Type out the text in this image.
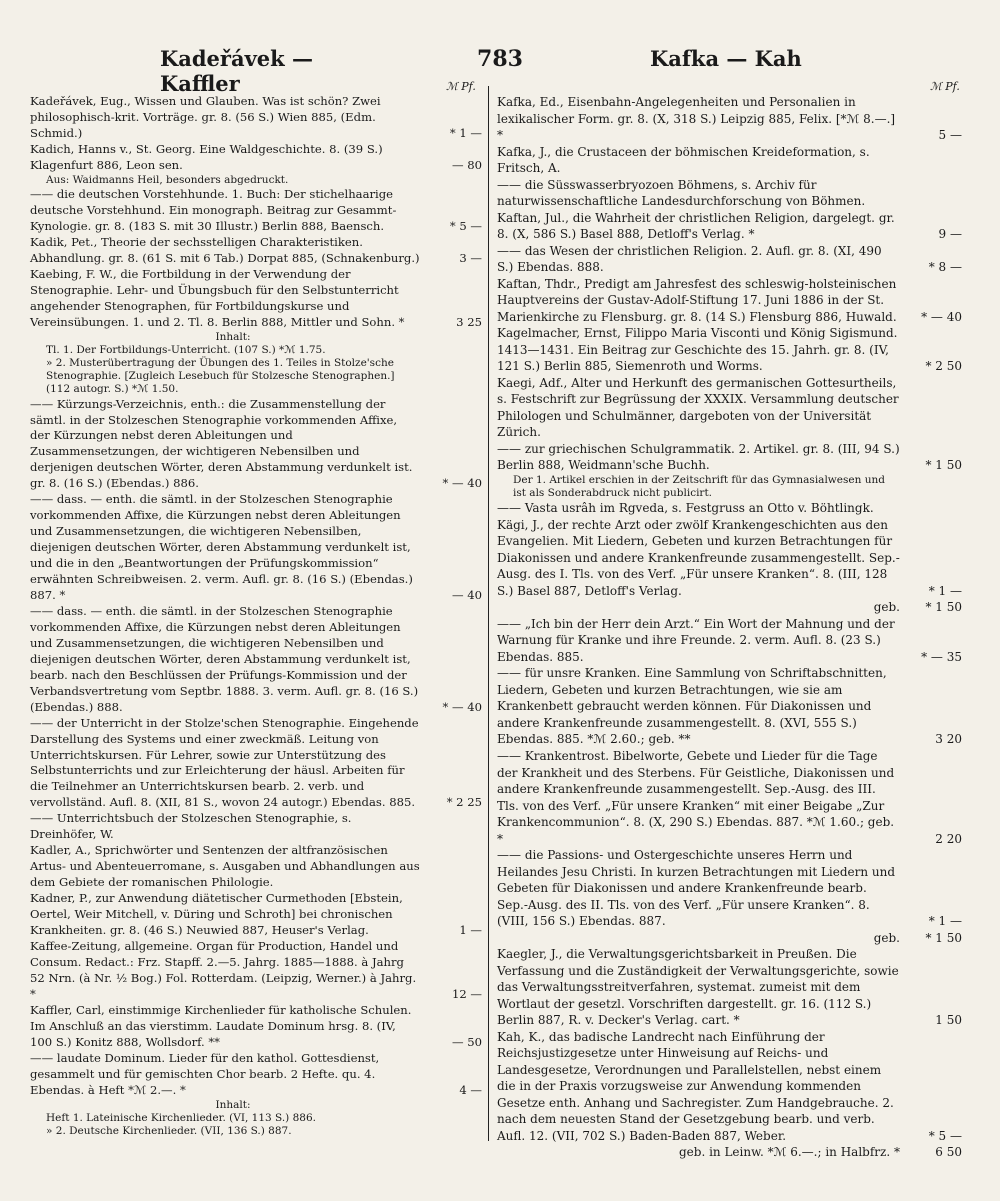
Kadeřávek — Kaffler
783	Kafka — Kah
ℳ Pf.	ℳ Pf.
Kadeřávek, Eug., Wissen und Glauben. Was ist schön? Zwei philosophisch-krit. Vorträge. gr. 8. (56 S.) Wien 885, (Edm. Schmid.)	* 1 —
Kadich, Hanns v., St. Georg. Eine Waldgeschichte. 8. (39 S.) Klagenfurt 886, Leon sen.	— 80
Aus: Waidmanns Heil, besonders abgedruckt.
—— die deutschen Vorstehhunde. 1. Buch: Der stichelhaarige deutsche Vorstehhund. Ein monograph. Beitrag zur Gesammt-Kynologie. gr. 8. (183 S. mit 30 Illustr.) Berlin 888, Baensch.	* 5 —
Kadik, Pet., Theorie der sechsstelligen Charakteristiken. Abhandlung. gr. 8. (61 S. mit 6 Tab.) Dorpat 885, (Schnakenburg.)	3 —
Kaebing, F. W., die Fortbildung in der Verwendung der Stenographie. Lehr- und Übungsbuch für den Selbstunterricht angehender Stenographen, für Fortbildungskurse und Vereinsübungen. 1. und 2. Tl. 8. Berlin 888, Mittler und Sohn. *	3 25
Inhalt:
Tl. 1. Der Fortbildungs-Unterricht. (107 S.) *ℳ 1.75.
» 2. Musterübertragung der Übungen des 1. Teiles in Stolze'sche Stenographie. [Zugleich Lesebuch für Stolzesche Stenographen.] (112 autogr. S.) *ℳ 1.50.
—— Kürzungs-Verzeichnis, enth.: die Zusammenstellung der sämtl. in der Stolzeschen Stenographie vorkommenden Affixe, der Kürzungen nebst deren Ableitungen und Zusammensetzungen, der wichtigeren Nebensilben und derjenigen deutschen Wörter, deren Abstammung verdunkelt ist. gr. 8. (16 S.) (Ebendas.) 886.	* — 40
—— dass. — enth. die sämtl. in der Stolzeschen Stenographie vorkommenden Affixe, die Kürzungen nebst deren Ableitungen und Zusammensetzungen, die wichtigeren Nebensilben, diejenigen deutschen Wörter, deren Abstammung verdunkelt ist, und die in den „Beantwortungen der Prüfungskommission“ erwähnten Schreibweisen. 2. verm. Aufl. gr. 8. (16 S.) (Ebendas.) 887. *	— 40
—— dass. — enth. die sämtl. in der Stolzeschen Stenographie vorkommenden Affixe, die Kürzungen nebst deren Ableitungen und Zusammensetzungen, die wichtigeren Nebensilben und diejenigen deutschen Wörter, deren Abstammung verdunkelt ist, bearb. nach den Beschlüssen der Prüfungs-Kommission und der Verbandsvertretung vom Septbr. 1888. 3. verm. Aufl. gr. 8. (16 S.) (Ebendas.) 888.	* — 40
—— der Unterricht in der Stolze'schen Stenographie. Eingehende Darstellung des Systems und einer zweckmäß. Leitung von Unterrichtskursen. Für Lehrer, sowie zur Unterstützung des Selbstunterrichts und zur Erleichterung der häusl. Arbeiten für die Teilnehmer an Unterrichtskursen bearb. 2. verb. und vervollständ. Aufl. 8. (XII, 81 S., wovon 24 autogr.) Ebendas. 885.	* 2 25
—— Unterrichtsbuch der Stolzeschen Stenographie, s. Dreinhöfer, W.
Kadler, A., Sprichwörter und Sentenzen der altfranzösischen Artus- und Abenteuerromane, s. Ausgaben und Abhandlungen aus dem Gebiete der romanischen Philologie.
Kadner, P., zur Anwendung diätetischer Curmethoden [Ebstein, Oertel, Weir Mitchell, v. Düring und Schroth] bei chronischen Krankheiten. gr. 8. (46 S.) Neuwied 887, Heuser's Verlag.	1 —
Kaffee-Zeitung, allgemeine. Organ für Production, Handel und Consum. Redact.: Frz. Stapff. 2.—5. Jahrg. 1885—1888. à Jahrg 52 Nrn. (à Nr. ½ Bog.) Fol. Rotterdam. (Leipzig, Werner.) à Jahrg. *	12 —
Kaffler, Carl, einstimmige Kirchenlieder für katholische Schulen. Im Anschluß an das vierstimm. Laudate Dominum hrsg. 8. (IV, 100 S.) Konitz 888, Wollsdorf. **	— 50
—— laudate Dominum. Lieder für den kathol. Gottesdienst, gesammelt und für gemischten Chor bearb. 2 Hefte. qu. 4. Ebendas. à Heft *ℳ 2.—. *	4 —
Inhalt:
Heft 1. Lateinische Kirchenlieder. (VI, 113 S.) 886.
» 2. Deutsche Kirchenlieder. (VII, 136 S.) 887.
Kafka, Ed., Eisenbahn-Angelegenheiten und Personalien in lexikalischer Form. gr. 8. (X, 318 S.) Leipzig 885, Felix. [*ℳ 8.—.] *	5 —
Kafka, J., die Crustaceen der böhmischen Kreideformation, s. Fritsch, A.
—— die Süsswasserbryozoen Böhmens, s. Archiv für naturwissenschaftliche Landesdurchforschung von Böhmen.
Kaftan, Jul., die Wahrheit der christlichen Religion, dargelegt. gr. 8. (X, 586 S.) Basel 888, Detloff's Verlag. *	9 —
—— das Wesen der christlichen Religion. 2. Aufl. gr. 8. (XI, 490 S.) Ebendas. 888.	* 8 —
Kaftan, Thdr., Predigt am Jahresfest des schleswig-holsteinischen Hauptvereins der Gustav-Adolf-Stiftung 17. Juni 1886 in der St. Marienkirche zu Flensburg. gr. 8. (14 S.) Flensburg 886, Huwald.	* — 40
Kagelmacher, Ernst, Filippo Maria Visconti und König Sigismund. 1413—1431. Ein Beitrag zur Geschichte des 15. Jahrh. gr. 8. (IV, 121 S.) Berlin 885, Siemenroth und Worms.	* 2 50
Kaegi, Adf., Alter und Herkunft des germanischen Gottesurtheils, s. Festschrift zur Begrüssung der XXXIX. Versammlung deutscher Philologen und Schulmänner, dargeboten von der Universität Zürich.
—— zur griechischen Schulgrammatik. 2. Artikel. gr. 8. (III, 94 S.) Berlin 888, Weidmann'sche Buchh.	* 1 50
Der 1. Artikel erschien in der Zeitschrift für das Gymnasialwesen und ist als Sonderabdruck nicht publicirt.
—— Vasta usrâh im Rgveda, s. Festgruss an Otto v. Böhtlingk.
Kägi, J., der rechte Arzt oder zwölf Krankengeschichten aus den Evangelien. Mit Liedern, Gebeten und kurzen Betrachtungen für Diakonissen und andere Krankenfreunde zusammengestellt. Sep.-Ausg. des I. Tls. von des Verf. „Für unsere Kranken“. 8. (III, 128 S.) Basel 887, Detloff's Verlag.	* 1 —
geb.	* 1 50
—— „Ich bin der Herr dein Arzt.“ Ein Wort der Mahnung und der Warnung für Kranke und ihre Freunde. 2. verm. Aufl. 8. (23 S.) Ebendas. 885.	* — 35
—— für unsre Kranken. Eine Sammlung von Schriftabschnitten, Liedern, Gebeten und kurzen Betrachtungen, wie sie am Krankenbett gebraucht werden können. Für Diakonissen und andere Krankenfreunde zusammengestellt. 8. (XVI, 555 S.) Ebendas. 885. *ℳ 2.60.; geb. **	3 20
—— Krankentrost. Bibelworte, Gebete und Lieder für die Tage der Krankheit und des Sterbens. Für Geistliche, Diakonissen und andere Krankenfreunde zusammengestellt. Sep.-Ausg. des III. Tls. von des Verf. „Für unsere Kranken“ mit einer Beigabe „Zur Krankencommunion“. 8. (X, 290 S.) Ebendas. 887. *ℳ 1.60.; geb. *	2 20
—— die Passions- und Ostergeschichte unseres Herrn und Heilandes Jesu Christi. In kurzen Betrachtungen mit Liedern und Gebeten für Diakonissen und andere Krankenfreunde bearb. Sep.-Ausg. des II. Tls. von des Verf. „Für unsere Kranken“. 8. (VIII, 156 S.) Ebendas. 887.	* 1 —
geb.	* 1 50
Kaegler, J., die Verwaltungsgerichtsbarkeit in Preußen. Die Verfassung und die Zuständigkeit der Verwaltungsgerichte, sowie das Verwaltungsstreitverfahren, systemat. zumeist mit dem Wortlaut der gesetzl. Vorschriften dargestellt. gr. 16. (112 S.) Berlin 887, R. v. Decker's Verlag. cart. *	1 50
Kah, K., das badische Landrecht nach Einführung der Reichsjustizgesetze unter Hinweisung auf Reichs- und Landesgesetze, Verordnungen und Parallelstellen, nebst einem die in der Praxis vorzugsweise zur Anwendung kommenden Gesetze enth. Anhang und Sachregister. Zum Handgebrauche. 2. nach dem neuesten Stand der Gesetzgebung bearb. und verb. Aufl. 12. (VII, 702 S.) Baden-Baden 887, Weber.	* 5 —
geb. in Leinw. *ℳ 6.—.; in Halbfrz. *	6 50
